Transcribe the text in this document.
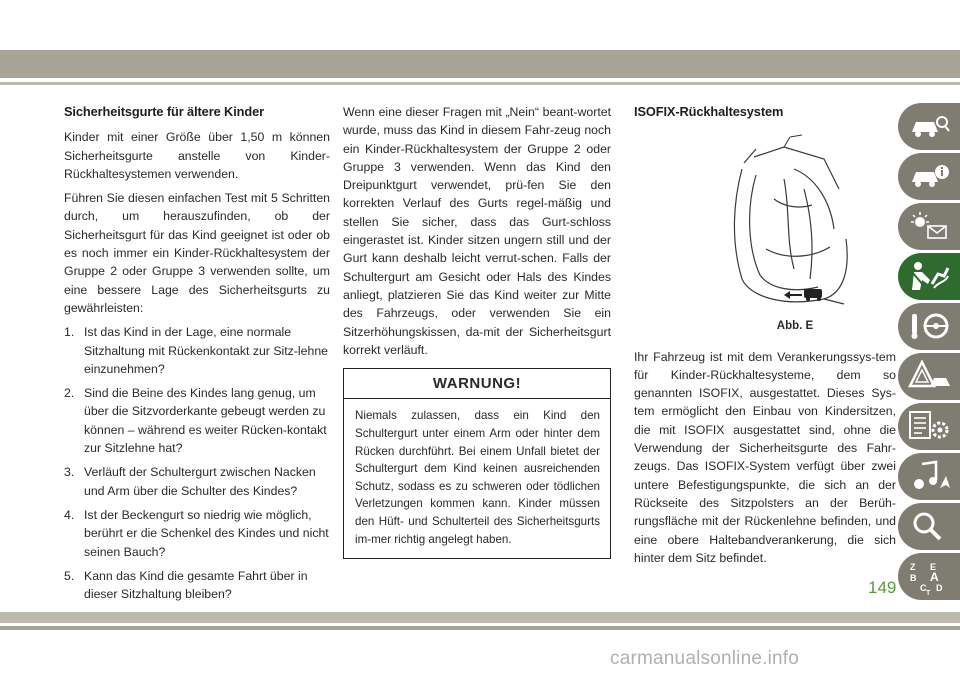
Sicherheitsgurte für ältere Kinder

Kinder mit einer Größe über 1,50 m können Sicherheitsgurte anstelle von Kinder-Rückhaltesystemen verwenden.

Führen Sie diesen einfachen Test mit 5 Schritten durch, um herauszufinden, ob der Sicherheitsgurt für das Kind geeignet ist oder ob es noch immer ein Kinder-Rückhaltesystem der Gruppe 2 oder Gruppe 3 verwenden sollte, um eine bessere Lage des Sicherheitsgurts zu gewährleisten:

1. Ist das Kind in der Lage, eine normale Sitzhaltung mit Rückenkontakt zur Sitz-lehne einzunehmen?
2. Sind die Beine des Kindes lang genug, um über die Sitzvorderkante gebeugt werden zu können – während es weiter Rücken-kontakt zur Sitzlehne hat?
3. Verläuft der Schultergurt zwischen Nacken und Arm über die Schulter des Kindes?
4. Ist der Beckengurt so niedrig wie möglich, berührt er die Schenkel des Kindes und nicht seinen Bauch?
5. Kann das Kind die gesamte Fahrt über in dieser Sitzhaltung bleiben?

Wenn eine dieser Fragen mit „Nein“ beant-wortet wurde, muss das Kind in diesem Fahr-zeug noch ein Kinder-Rückhaltesystem der Gruppe 2 oder Gruppe 3 verwenden. Wenn das Kind den Dreipunktgurt verwendet, prü-fen Sie den korrekten Verlauf des Gurts regel-mäßig und stellen Sie sicher, dass das Gurt-schloss eingerastet ist. Kinder sitzen ungern still und der Gurt kann deshalb leicht verrut-schen. Falls der Schultergurt am Gesicht oder Hals des Kindes anliegt, platzieren Sie das Kind weiter zur Mitte des Fahrzeugs, oder verwenden Sie ein Sitzerhöhungskissen, da-mit der Sicherheitsgurt korrekt verläuft.

WARNUNG!
Niemals zulassen, dass ein Kind den Schultergurt unter einem Arm oder hinter dem Rücken durchführt. Bei einem Unfall bietet der Schultergurt dem Kind keinen ausreichenden Schutz, sodass es zu schweren oder tödlichen Verletzungen kommen kann. Kinder müssen den Hüft- und Schulterteil des Sicherheitsgurts im-mer richtig angelegt haben.
ISOFIX-Rückhaltesystem
Abb. E

Ihr Fahrzeug ist mit dem Verankerungssys-tem für Kinder-Rückhaltesysteme, dem so genannten ISOFIX, ausgestattet. Dieses Sys-tem ermöglicht den Einbau von Kindersitzen, die mit ISOFIX ausgestattet sind, ohne die Verwendung der Sicherheitsgurte des Fahr-zeugs. Das ISOFIX-System verfügt über zwei untere Befestigungspunkte, die sich an der Rückseite des Sitzpolsters an der Berüh-rungsfläche mit der Rückenlehne befinden, und eine obere Haltebandverankerung, die sich hinter dem Sitz befindet.

Z E
B A
C D
T
149
carmanualsonline.info
